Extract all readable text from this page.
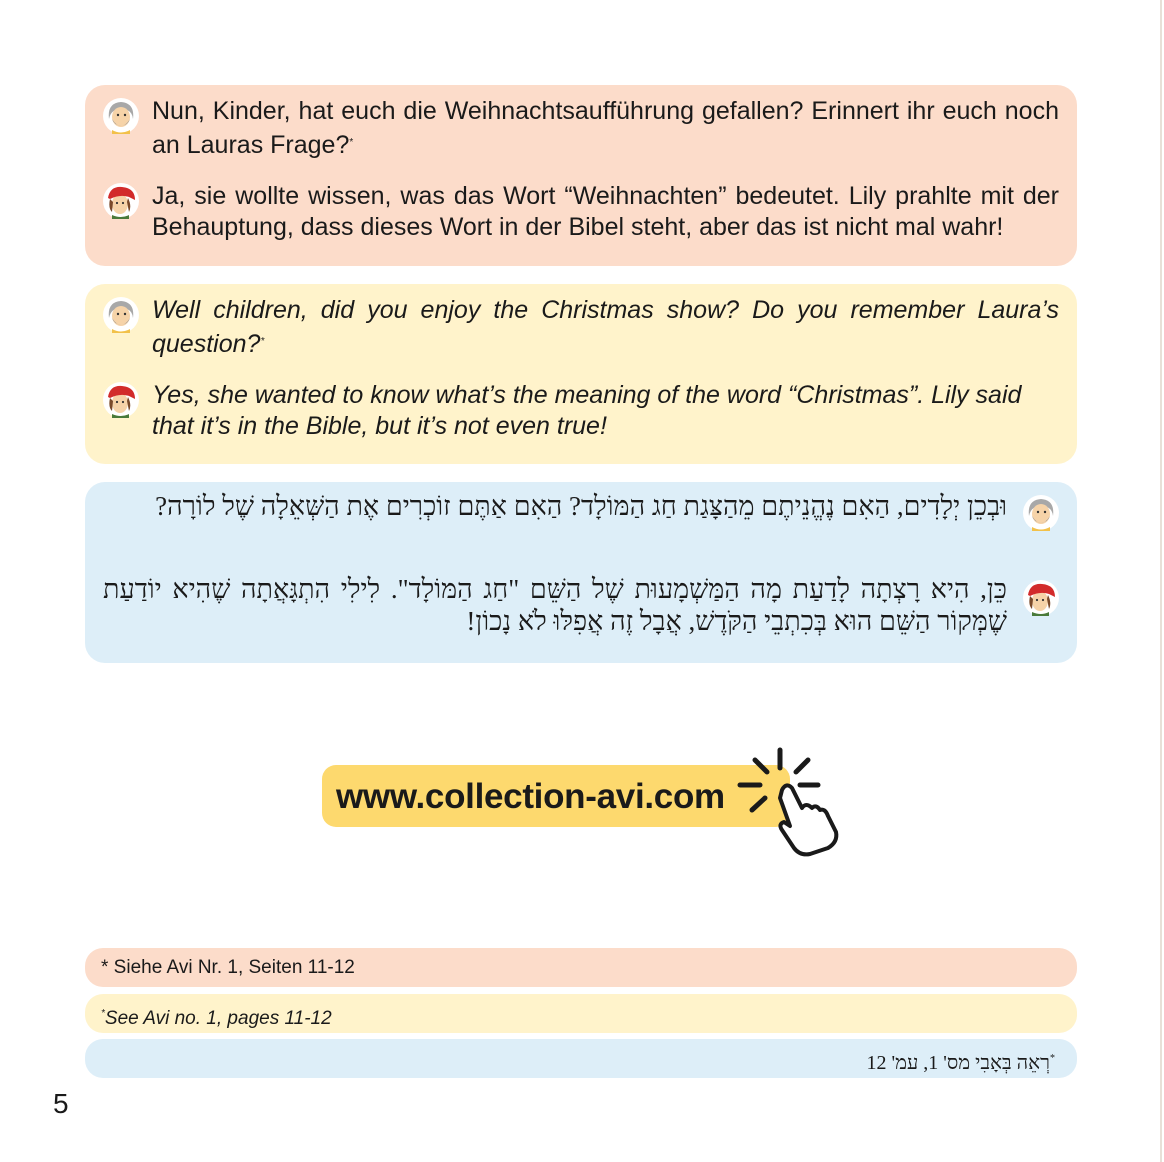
Nun, Kinder, hat euch die Weihnachtsaufführung gefallen? Erinnert ihr euch noch an Lauras Frage?*
Ja, sie wollte wissen, was das Wort “Weihnachten” bedeutet. Lily prahlte mit der Behauptung, dass dieses Wort in der Bibel steht, aber das ist nicht mal wahr!
Well children, did you enjoy the Christmas show? Do you remember Laura’s question?*
Yes, she wanted to know what’s the meaning of the word “Christmas”. Lily said that it’s in the Bible, but it’s not even true!
וּבְכֵן יְלָדִים, הַאִם נֶהֱנֵיתֶם מֵהַצָּגַת חַג הַמּוֹלָד? הַאִם אַתֶּם זוֹכְרִים אֶת הַשְּׁאֵלָה שֶׁל לוֹרָה?
כֵּן, הִיא רָצְתָה לָדַעַת מָה הַמַּשְׁמָעוּת שֶׁל הַשֵּׁם "חַג הַמּוֹלָד". לִילִי הִתְגָּאֲתָה שֶׁהִיא יוֹדַעַת שֶׁמְּקוֹר הַשֵּׁם הוּא בְּכִתְבֵי הַקֹּדֶשׁ, אֲבָל זֶה אֲפִלּוּ לֹא נָכוֹן!
www.collection-avi.com
* Siehe Avi Nr. 1, Seiten 11-12
*See Avi no. 1, pages 11-12
*רְאֵה בְּאָבִי מס' 1, עמ' 12
5
